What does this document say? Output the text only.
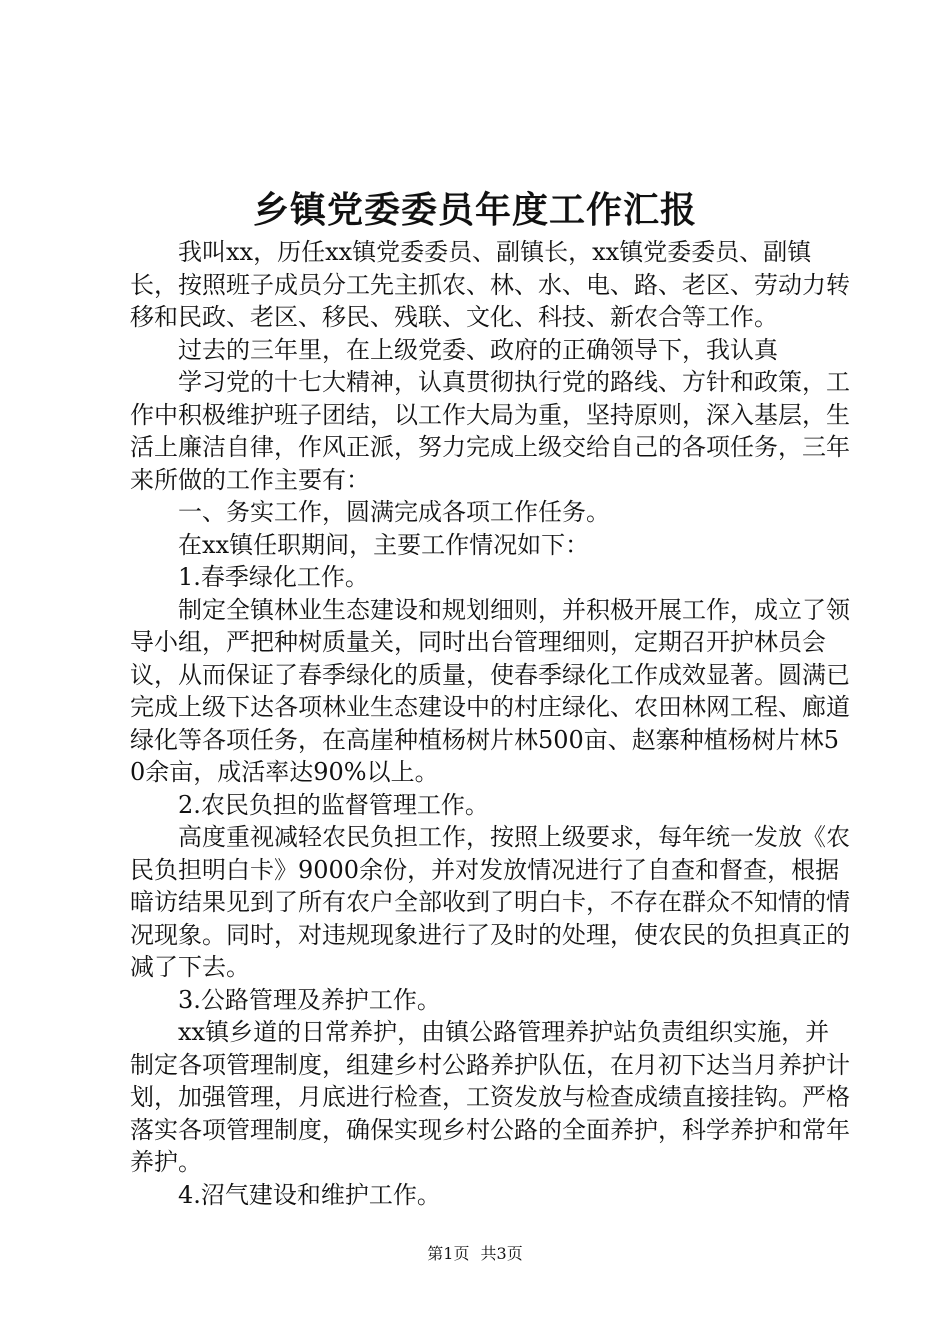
乡镇党委委员年度工作汇报

我叫xx，历任xx镇党委委员、副镇长，xx镇党委委员、副镇长，按照班子成员分工先主抓农、林、水、电、路、老区、劳动力转移和民政、老区、移民、残联、文化、科技、新农合等工作。

过去的三年里，在上级党委、政府的正确领导下，我认真

学习党的十七大精神，认真贯彻执行党的路线、方针和政策，工作中积极维护班子团结，以工作大局为重，坚持原则，深入基层，生活上廉洁自律，作风正派，努力完成上级交给自己的各项任务，三年来所做的工作主要有：

一、务实工作，圆满完成各项工作任务。

在xx镇任职期间，主要工作情况如下：

1.春季绿化工作。

制定全镇林业生态建设和规划细则，并积极开展工作，成立了领导小组，严把种树质量关，同时出台管理细则，定期召开护林员会议，从而保证了春季绿化的质量，使春季绿化工作成效显著。圆满已完成上级下达各项林业生态建设中的村庄绿化、农田林网工程、廊道绿化等各项任务，在高崖种植杨树片林500亩、赵寨种植杨树片林50余亩，成活率达90%以上。

2.农民负担的监督管理工作。

高度重视减轻农民负担工作，按照上级要求，每年统一发放《农民负担明白卡》9000余份，并对发放情况进行了自查和督查，根据暗访结果见到了所有农户全部收到了明白卡，不存在群众不知情的情况现象。同时，对违规现象进行了及时的处理，使农民的负担真正的减了下去。

3.公路管理及养护工作。

xx镇乡道的日常养护，由镇公路管理养护站负责组织实施，并制定各项管理制度，组建乡村公路养护队伍，在月初下达当月养护计划，加强管理，月底进行检查，工资发放与检查成绩直接挂钩。严格落实各项管理制度，确保实现乡村公路的全面养护，科学养护和常年养护。

4.沼气建设和维护工作。

第1页 共3页
